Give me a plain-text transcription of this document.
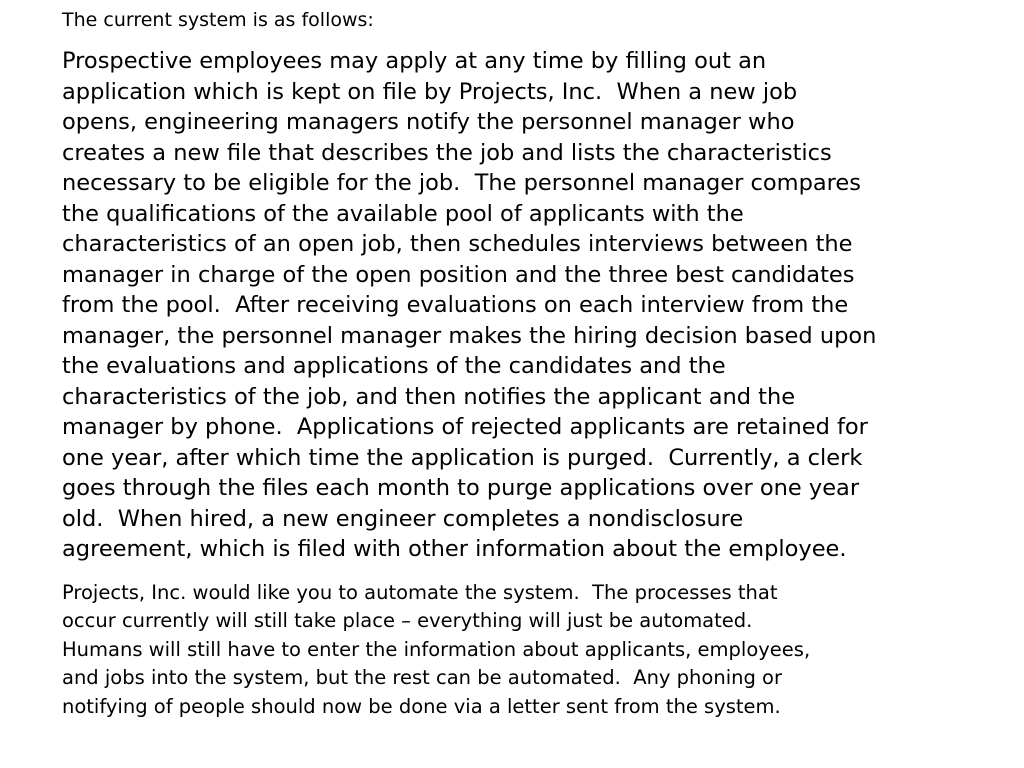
The current system is as follows:

Prospective employees may apply at any time by filling out an
application which is kept on file by Projects, Inc.  When a new job
opens, engineering managers notify the personnel manager who
creates a new file that describes the job and lists the characteristics
necessary to be eligible for the job.  The personnel manager compares
the qualifications of the available pool of applicants with the
characteristics of an open job, then schedules interviews between the
manager in charge of the open position and the three best candidates
from the pool.  After receiving evaluations on each interview from the
manager, the personnel manager makes the hiring decision based upon
the evaluations and applications of the candidates and the
characteristics of the job, and then notifies the applicant and the
manager by phone.  Applications of rejected applicants are retained for
one year, after which time the application is purged.  Currently, a clerk
goes through the files each month to purge applications over one year
old.  When hired, a new engineer completes a nondisclosure
agreement, which is filed with other information about the employee.

Projects, Inc. would like you to automate the system.  The processes that
occur currently will still take place – everything will just be automated.
Humans will still have to enter the information about applicants, employees,
and jobs into the system, but the rest can be automated.  Any phoning or
notifying of people should now be done via a letter sent from the system.
